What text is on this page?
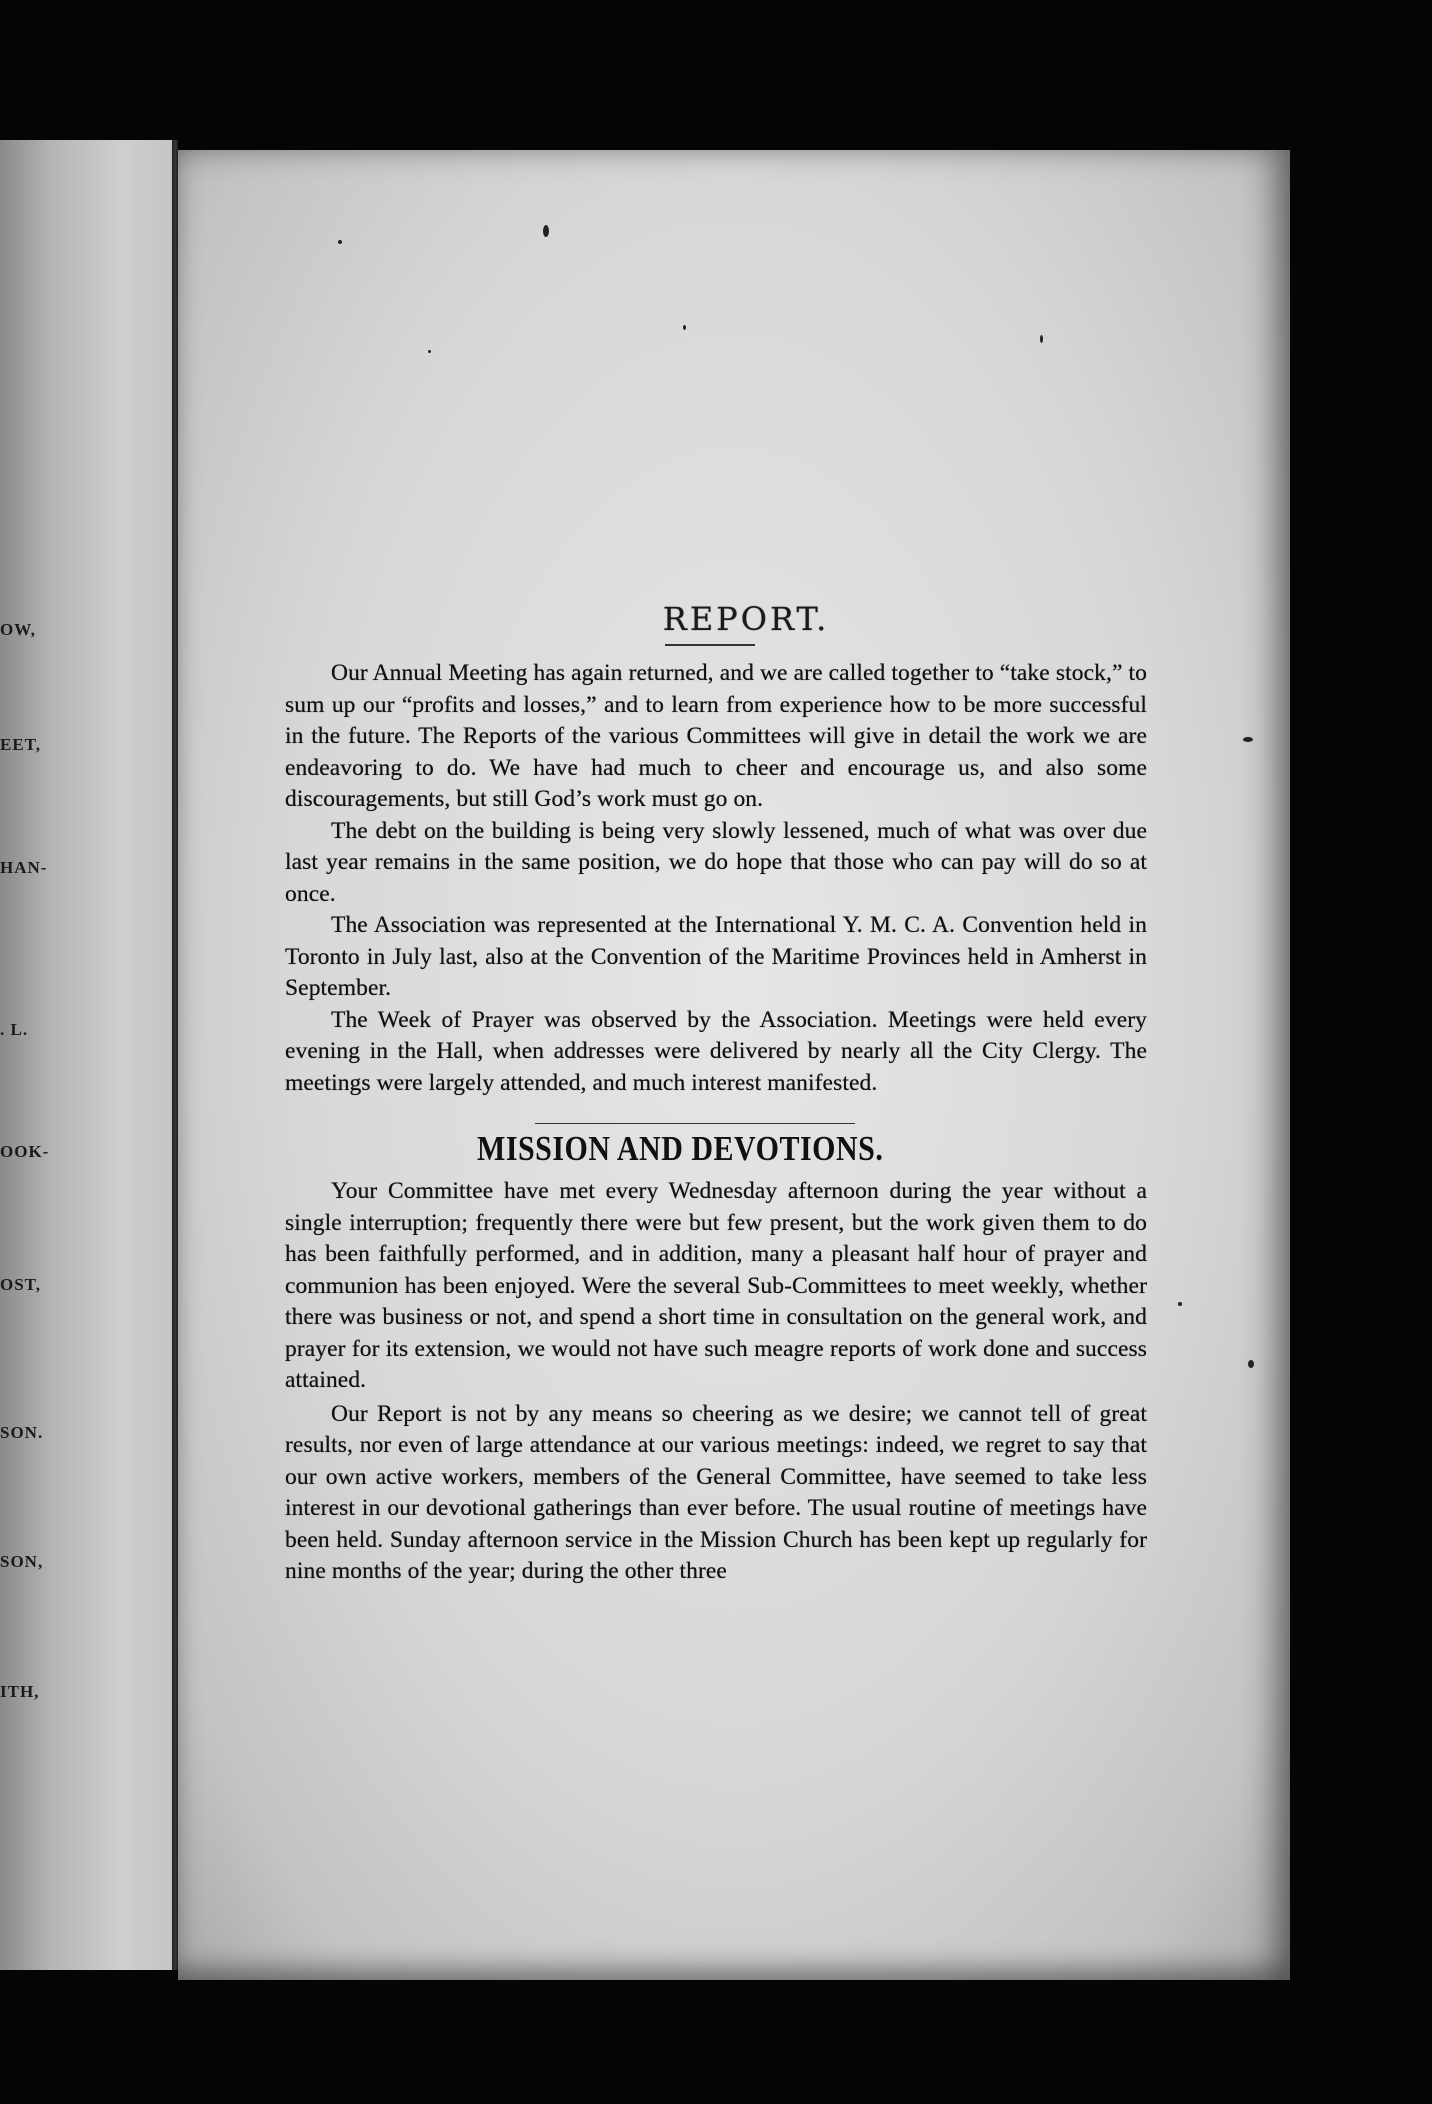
OW,
EET,
HAN-
. L.
OOK-
OST,
SON.
SON,
ITH,
REPORT.

Our Annual Meeting has again returned, and we are called together to “take stock,” to sum up our “profits and losses,” and to learn from experience how to be more successful in the future. The Reports of the various Committees will give in detail the work we are endeavoring to do. We have had much to cheer and encourage us, and also some discouragements, but still God’s work must go on.

The debt on the building is being very slowly lessened, much of what was over due last year remains in the same position, we do hope that those who can pay will do so at once.

The Association was represented at the International Y. M. C. A. Convention held in Toronto in July last, also at the Convention of the Maritime Provinces held in Amherst in September.

The Week of Prayer was observed by the Association. Meetings were held every evening in the Hall, when addresses were delivered by nearly all the City Clergy. The meetings were largely attended, and much interest manifested.

MISSION AND DEVOTIONS.

Your Committee have met every Wednesday afternoon during the year without a single interruption; frequently there were but few present, but the work given them to do has been faithfully performed, and in addition, many a pleasant half hour of prayer and communion has been enjoyed. Were the several Sub-Committees to meet weekly, whether there was business or not, and spend a short time in consultation on the general work, and prayer for its extension, we would not have such meagre reports of work done and success attained.

Our Report is not by any means so cheering as we desire; we cannot tell of great results, nor even of large attendance at our various meetings: indeed, we regret to say that our own active workers, members of the General Committee, have seemed to take less interest in our devotional gatherings than ever before. The usual routine of meetings have been held. Sunday afternoon service in the Mission Church has been kept up regularly for nine months of the year; during the other three
